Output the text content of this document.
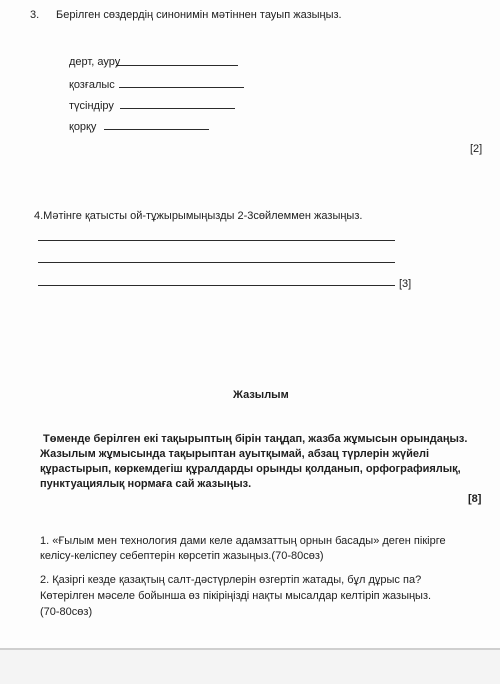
3. Берілген сөздердің синонимін мәтіннен тауып жазыңыз.
дерт, ауру
қозғалыс
түсіндіру
қорқу
[2]
4.Мәтінге қатысты ой-тұжырымыңызды 2-3сөйлеммен жазыңыз.
[3]
Жазылым
Төменде берілген екі тақырыптың бірін таңдап, жазба жұмысын орындаңыз.
Жазылым жұмысында тақырыптан ауытқымай, абзац түрлерін жүйелі
құрастырып, көркемдегіш құралдарды орынды қолданып, орфографиялық,
пунктуациялық нормаға сай жазыңыз.
[8]
1. «Ғылым мен технология дами келе адамзаттың орнын басады» деген пікірге
келісу-келіспеу себептерін көрсетіп жазыңыз.(70-80сөз)
2. Қазіргі кезде қазақтың салт-дәстүрлерін өзгертіп жатады, бұл дұрыс па?
Көтерілген мәселе бойынша өз пікіріңізді нақты мысалдар келтіріп жазыңыз.
(70-80сөз)
